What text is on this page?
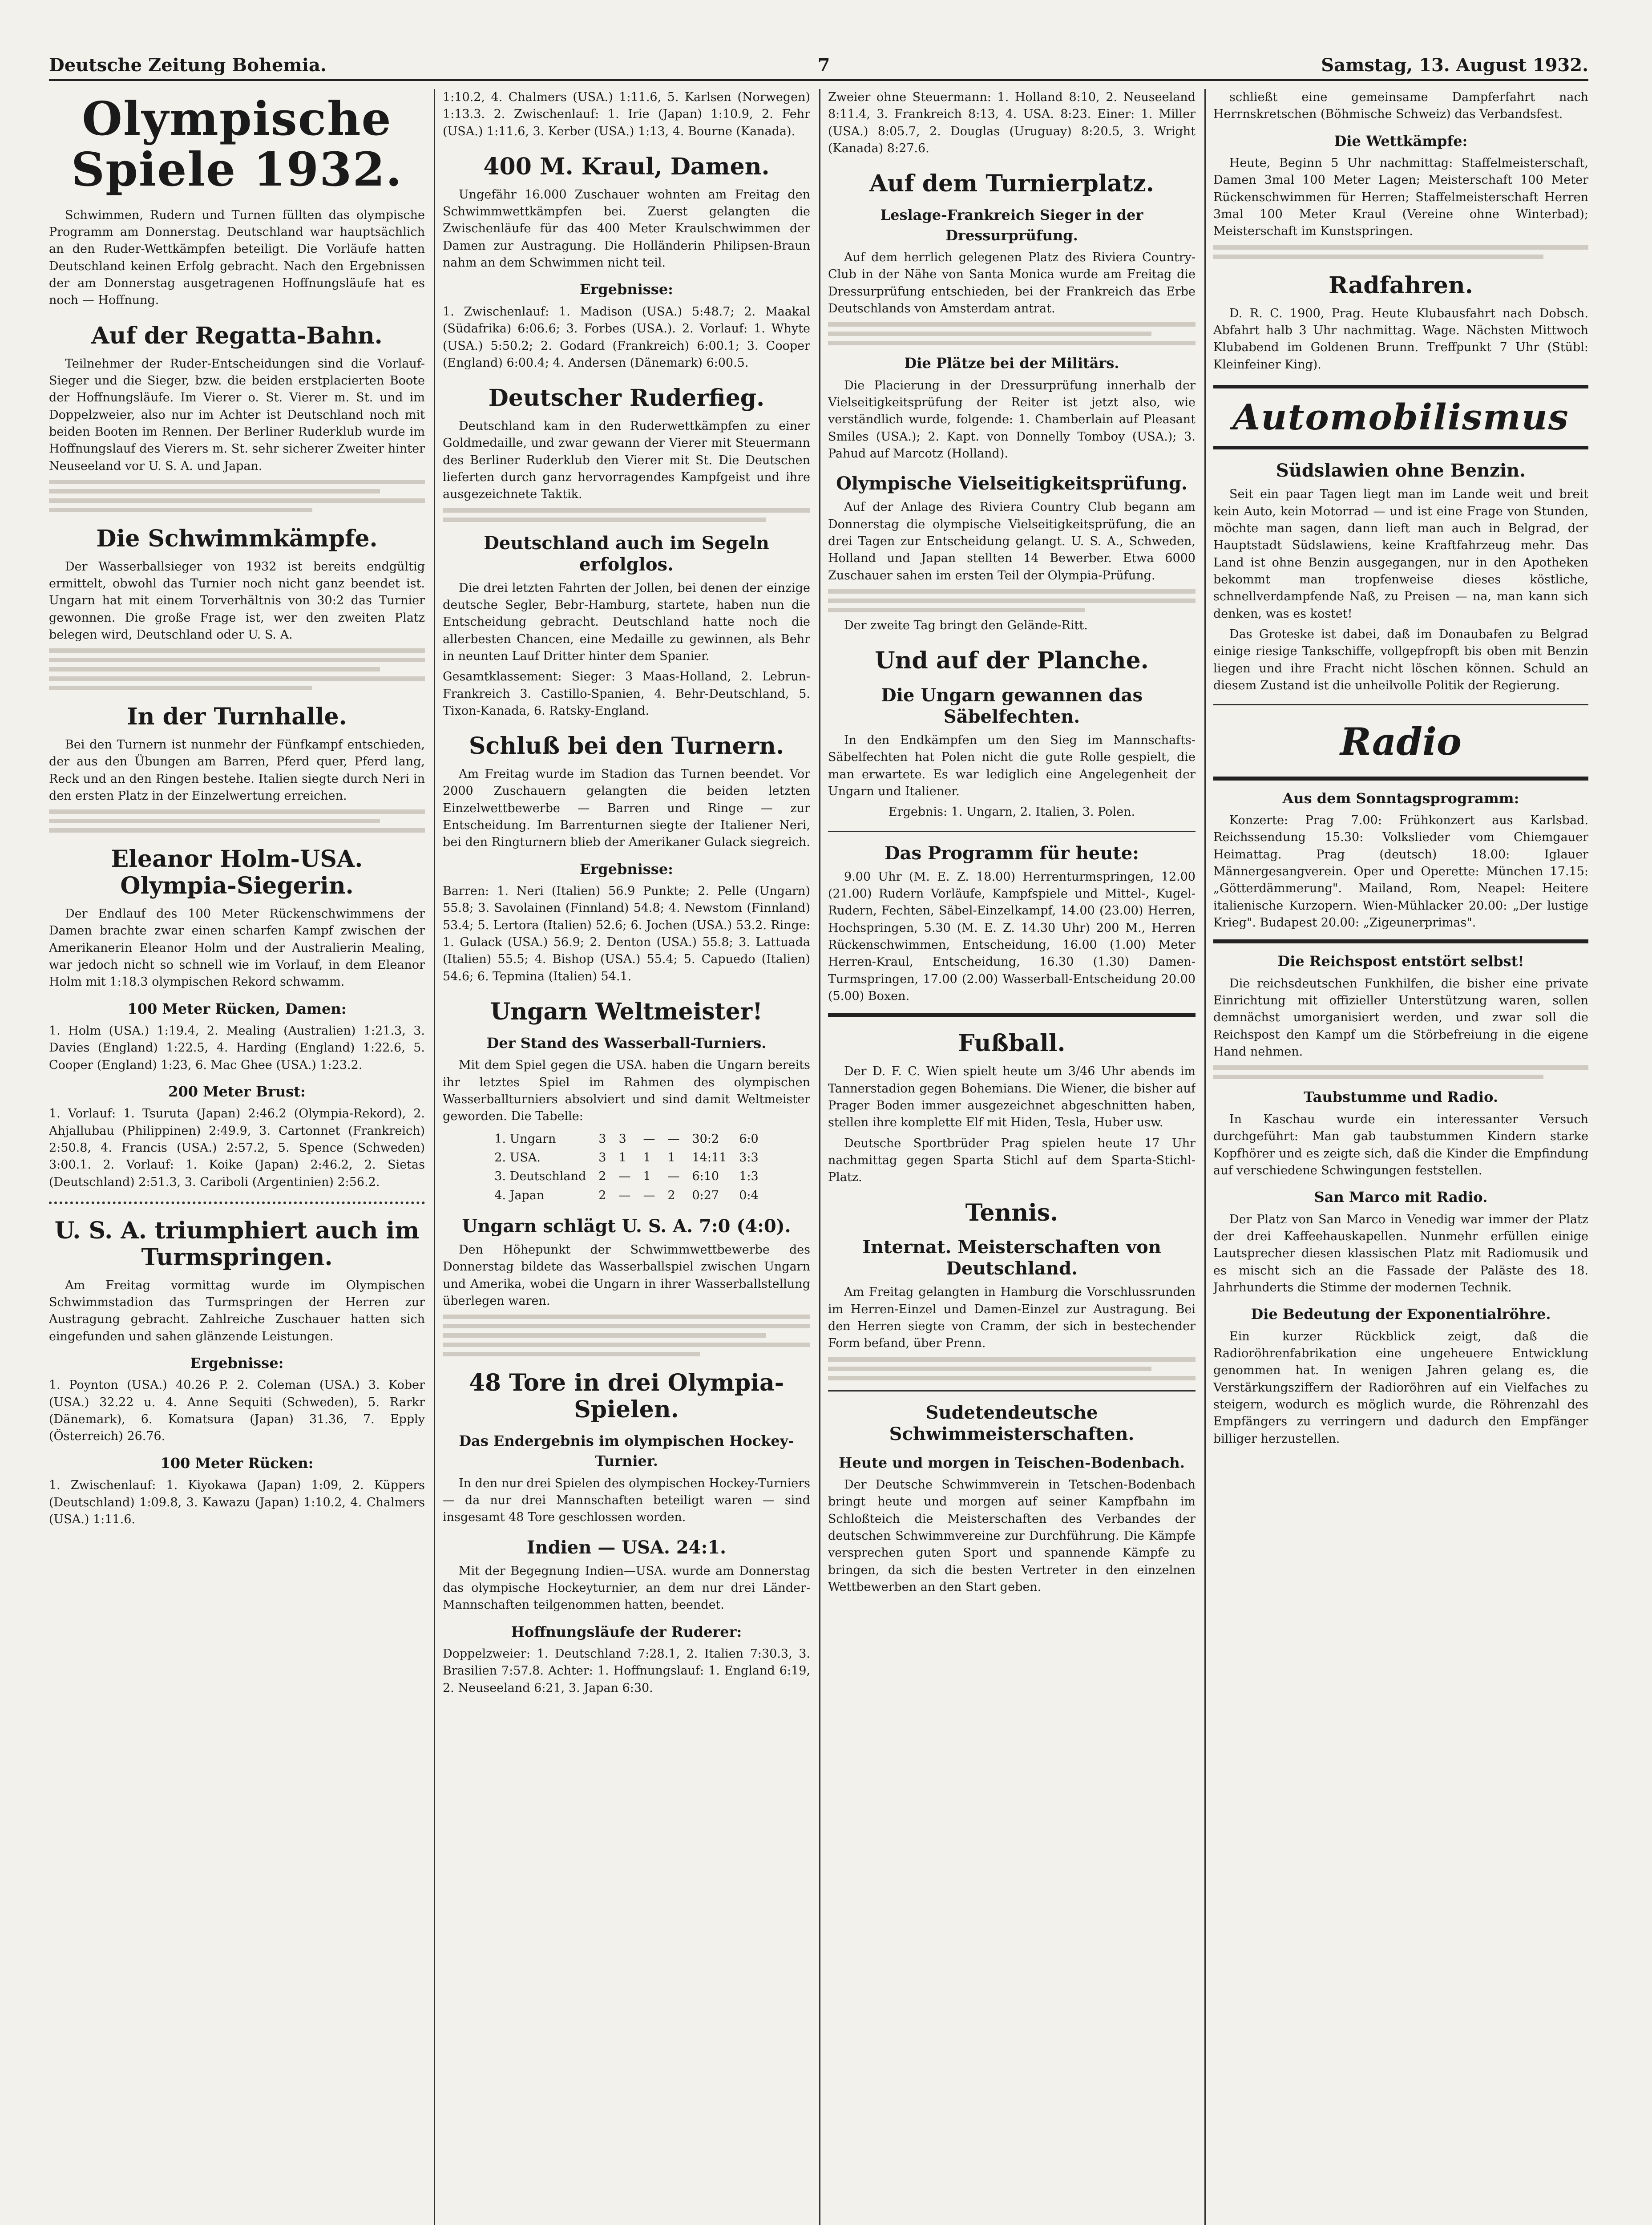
Deutsche Zeitung Bohemia.	7	Samstag, 13. August 1932.
Olympische Spiele 1932.

Schwimmen, Rudern und Turnen füllten das olympische Programm am Donnerstag. Deutschland war hauptsächlich an den Ruder-Wettkämpfen beteiligt. Die Vorläufe hatten Deutschland keinen Erfolg gebracht. Nach den Ergebnissen der am Donnerstag ausgetragenen Hoffnungsläufe hat es noch — Hoffnung.

Auf der Regatta-Bahn.

Teilnehmer der Ruder-Entscheidungen sind die Vorlauf-Sieger und die Sieger, bzw. die beiden erstplacierten Boote der Hoffnungsläufe. Im Vierer o. St. Vierer m. St. und im Doppelzweier, also nur im Achter ist Deutschland noch mit beiden Booten im Rennen. Der Berliner Ruderklub wurde im Hoffnungslauf des Vierers m. St. sehr sicherer Zweiter hinter Neuseeland vor U. S. A. und Japan.

Die Schwimmkämpfe.

Der Wasserballsieger von 1932 ist bereits endgültig ermittelt, obwohl das Turnier noch nicht ganz beendet ist. Ungarn hat mit einem Torverhältnis von 30:2 das Turnier gewonnen. Die große Frage ist, wer den zweiten Platz belegen wird, Deutschland oder U. S. A.

In der Turnhalle.

Bei den Turnern ist nunmehr der Fünfkampf entschieden, der aus den Übungen am Barren, Pferd quer, Pferd lang, Reck und an den Ringen bestehe. Italien siegte durch Neri in den ersten Platz in der Einzelwertung erreichen.

Eleanor Holm-USA. Olympia-Siegerin.

Der Endlauf des 100 Meter Rückenschwimmens der Damen brachte zwar einen scharfen Kampf zwischen der Amerikanerin Eleanor Holm und der Australierin Mealing, war jedoch nicht so schnell wie im Vorlauf, in dem Eleanor Holm mit 1:18.3 olympischen Rekord schwamm.

100 Meter Rücken, Damen:

1. Holm (USA.) 1:19.4, 2. Mealing (Australien) 1:21.3, 3. Davies (England) 1:22.5, 4. Harding (England) 1:22.6, 5. Cooper (England) 1:23, 6. Mac Ghee (USA.) 1:23.2.

200 Meter Brust:

1. Vorlauf: 1. Tsuruta (Japan) 2:46.2 (Olympia-Rekord), 2. Ahjallubau (Philippinen) 2:49.9, 3. Cartonnet (Frankreich) 2:50.8, 4. Francis (USA.) 2:57.2, 5. Spence (Schweden) 3:00.1. 2. Vorlauf: 1. Koike (Japan) 2:46.2, 2. Sietas (Deutschland) 2:51.3, 3. Cariboli (Argentinien) 2:56.2.

U. S. A. triumphiert auch im Turmspringen.

Am Freitag vormittag wurde im Olympischen Schwimmstadion das Turmspringen der Herren zur Austragung gebracht. Zahlreiche Zuschauer hatten sich eingefunden und sahen glänzende Leistungen.

Ergebnisse:

1. Poynton (USA.) 40.26 P. 2. Coleman (USA.) 3. Kober (USA.) 32.22 u. 4. Anne Sequiti (Schweden), 5. Rarkr (Dänemark), 6. Komatsura (Japan) 31.36, 7. Epply (Österreich) 26.76.

100 Meter Rücken:

1. Zwischenlauf: 1. Kiyokawa (Japan) 1:09, 2. Küppers (Deutschland) 1:09.8, 3. Kawazu (Japan) 1:10.2, 4. Chalmers (USA.) 1:11.6.

1:10.2, 4. Chalmers (USA.) 1:11.6, 5. Karlsen (Norwegen) 1:13.3. 2. Zwischenlauf: 1. Irie (Japan) 1:10.9, 2. Fehr (USA.) 1:11.6, 3. Kerber (USA.) 1:13, 4. Bourne (Kanada).

400 M. Kraul, Damen.

Ungefähr 16.000 Zuschauer wohnten am Freitag den Schwimmwettkämpfen bei. Zuerst gelangten die Zwischenläufe für das 400 Meter Kraulschwimmen der Damen zur Austragung. Die Holländerin Philipsen-Braun nahm an dem Schwimmen nicht teil.

Ergebnisse:

1. Zwischenlauf: 1. Madison (USA.) 5:48.7; 2. Maakal (Südafrika) 6:06.6; 3. Forbes (USA.). 2. Vorlauf: 1. Whyte (USA.) 5:50.2; 2. Godard (Frankreich) 6:00.1; 3. Cooper (England) 6:00.4; 4. Andersen (Dänemark) 6:00.5.

Deutscher Ruderfieg.

Deutschland kam in den Ruderwettkämpfen zu einer Goldmedaille, und zwar gewann der Vierer mit Steuermann des Berliner Ruderklub den Vierer mit St. Die Deutschen lieferten durch ganz hervorragendes Kampfgeist und ihre ausgezeichnete Taktik.

Deutschland auch im Segeln erfolglos.

Die drei letzten Fahrten der Jollen, bei denen der einzige deutsche Segler, Bebr-Hamburg, startete, haben nun die Entscheidung gebracht. Deutschland hatte noch die allerbesten Chancen, eine Medaille zu gewinnen, als Behr in neunten Lauf Dritter hinter dem Spanier.

Gesamtklassement: Sieger: 3 Maas-Holland, 2. Lebrun-Frankreich 3. Castillo-Spanien, 4. Behr-Deutschland, 5. Tixon-Kanada, 6. Ratsky-England.

Schluß bei den Turnern.

Am Freitag wurde im Stadion das Turnen beendet. Vor 2000 Zuschauern gelangten die beiden letzten Einzelwettbewerbe — Barren und Ringe — zur Entscheidung. Im Barrenturnen siegte der Italiener Neri, bei den Ringturnern blieb der Amerikaner Gulack siegreich.

Ergebnisse:

Barren: 1. Neri (Italien) 56.9 Punkte; 2. Pelle (Ungarn) 55.8; 3. Savolainen (Finnland) 54.8; 4. Newstom (Finnland) 53.4; 5. Lertora (Italien) 52.6; 6. Jochen (USA.) 53.2. Ringe: 1. Gulack (USA.) 56.9; 2. Denton (USA.) 55.8; 3. Lattuada (Italien) 55.5; 4. Bishop (USA.) 55.4; 5. Capuedo (Italien) 54.6; 6. Tepmina (Italien) 54.1.

Ungarn Weltmeister!
Der Stand des Wasserball-Turniers.

Mit dem Spiel gegen die USA. haben die Ungarn bereits ihr letztes Spiel im Rahmen des olympischen Wasserballturniers absolviert und sind damit Weltmeister geworden. Die Tabelle:

1. Ungarn	3	3	—	—	30:2	6:0
2. USA.	3	1	1	1	14:11	3:3
3. Deutschland	2	—	1	—	6:10	1:3
4. Japan	2	—	—	2	0:27	0:4
Ungarn schlägt U. S. A. 7:0 (4:0).

Den Höhepunkt der Schwimmwettbewerbe des Donnerstag bildete das Wasserballspiel zwischen Ungarn und Amerika, wobei die Ungarn in ihrer Wasserballstellung überlegen waren.

48 Tore in drei Olympia-Spielen.
Das Endergebnis im olympischen Hockey-Turnier.

In den nur drei Spielen des olympischen Hockey-Turniers — da nur drei Mannschaften beteiligt waren — sind insgesamt 48 Tore geschlossen worden.

Indien — USA. 24:1.

Mit der Begegnung Indien—USA. wurde am Donnerstag das olympische Hockeyturnier, an dem nur drei Länder-Mannschaften teilgenommen hatten, beendet.

Hoffnungsläufe der Ruderer:

Doppelzweier: 1. Deutschland 7:28.1, 2. Italien 7:30.3, 3. Brasilien 7:57.8. Achter: 1. Hoffnungslauf: 1. England 6:19, 2. Neuseeland 6:21, 3. Japan 6:30.

Zweier ohne Steuermann: 1. Holland 8:10, 2. Neuseeland 8:11.4, 3. Frankreich 8:13, 4. USA. 8:23. Einer: 1. Miller (USA.) 8:05.7, 2. Douglas (Uruguay) 8:20.5, 3. Wright (Kanada) 8:27.6.

Auf dem Turnierplatz.
Leslage-Frankreich Sieger in der Dressurprüfung.

Auf dem herrlich gelegenen Platz des Riviera Country-Club in der Nähe von Santa Monica wurde am Freitag die Dressurprüfung entschieden, bei der Frankreich das Erbe Deutschlands von Amsterdam antrat.

Die Plätze bei der Militärs.

Die Placierung in der Dressurprüfung innerhalb der Vielseitigkeitsprüfung der Reiter ist jetzt also, wie verständlich wurde, folgende: 1. Chamberlain auf Pleasant Smiles (USA.); 2. Kapt. von Donnelly Tomboy (USA.); 3. Pahud auf Marcotz (Holland).

Olympische Vielseitigkeitsprüfung.

Auf der Anlage des Riviera Country Club begann am Donnerstag die olympische Vielseitigkeitsprüfung, die an drei Tagen zur Entscheidung gelangt. U. S. A., Schweden, Holland und Japan stellten 14 Bewerber. Etwa 6000 Zuschauer sahen im ersten Teil der Olympia-Prüfung.

Der zweite Tag bringt den Gelände-Ritt.

Und auf der Planche.
Die Ungarn gewannen das Säbelfechten.

In den Endkämpfen um den Sieg im Mannschafts-Säbelfechten hat Polen nicht die gute Rolle gespielt, die man erwartete. Es war lediglich eine Angelegenheit der Ungarn und Italiener.

Ergebnis: 1. Ungarn, 2. Italien, 3. Polen.

Das Programm für heute:

9.00 Uhr (M. E. Z. 18.00) Herrenturmspringen, 12.00 (21.00) Rudern Vorläufe, Kampfspiele und Mittel-, Kugel-Rudern, Fechten, Säbel-Einzelkampf, 14.00 (23.00) Herren, Hochspringen, 5.30 (M. E. Z. 14.30 Uhr) 200 M., Herren Rückenschwimmen, Entscheidung, 16.00 (1.00) Meter Herren-Kraul, Entscheidung, 16.30 (1.30) Damen-Turmspringen, 17.00 (2.00) Wasserball-Entscheidung 20.00 (5.00) Boxen.

Fußball.

Der D. F. C. Wien spielt heute um 3/46 Uhr abends im Tannerstadion gegen Bohemians. Die Wiener, die bisher auf Prager Boden immer ausgezeichnet abgeschnitten haben, stellen ihre komplette Elf mit Hiden, Tesla, Huber usw.

Deutsche Sportbrüder Prag spielen heute 17 Uhr nachmittag gegen Sparta Stichl auf dem Sparta-Stichl-Platz.

Tennis.
Internat. Meisterschaften von Deutschland.

Am Freitag gelangten in Hamburg die Vorschlussrunden im Herren-Einzel und Damen-Einzel zur Austragung. Bei den Herren siegte von Cramm, der sich in bestechender Form befand, über Prenn.

Sudetendeutsche Schwimmeisterschaften.
Heute und morgen in Teischen-Bodenbach.

Der Deutsche Schwimmverein in Tetschen-Bodenbach bringt heute und morgen auf seiner Kampfbahn im Schloßteich die Meisterschaften des Verbandes der deutschen Schwimmvereine zur Durchführung. Die Kämpfe versprechen guten Sport und spannende Kämpfe zu bringen, da sich die besten Vertreter in den einzelnen Wettbewerben an den Start geben.

schließt eine gemeinsame Dampferfahrt nach Herrnskretschen (Böhmische Schweiz) das Verbandsfest.

Die Wettkämpfe:

Heute, Beginn 5 Uhr nachmittag: Staffelmeisterschaft, Damen 3mal 100 Meter Lagen; Meisterschaft 100 Meter Rückenschwimmen für Herren; Staffelmeisterschaft Herren 3mal 100 Meter Kraul (Vereine ohne Winterbad); Meisterschaft im Kunstspringen.

Radfahren.

D. R. C. 1900, Prag. Heute Klubausfahrt nach Dobsch. Abfahrt halb 3 Uhr nachmittag. Wage. Nächsten Mittwoch Klubabend im Goldenen Brunn. Treffpunkt 7 Uhr (Stübl: Kleinfeiner King).

Automobilismus
Südslawien ohne Benzin.

Seit ein paar Tagen liegt man im Lande weit und breit kein Auto, kein Motorrad — und ist eine Frage von Stunden, möchte man sagen, dann lieft man auch in Belgrad, der Hauptstadt Südslawiens, keine Kraftfahrzeug mehr. Das Land ist ohne Benzin ausgegangen, nur in den Apotheken bekommt man tropfenweise dieses köstliche, schnellverdampfende Naß, zu Preisen — na, man kann sich denken, was es kostet!

Das Groteske ist dabei, daß im Donaubafen zu Belgrad einige riesige Tankschiffe, vollgepfropft bis oben mit Benzin liegen und ihre Fracht nicht löschen können. Schuld an diesem Zustand ist die unheilvolle Politik der Regierung.

Radio
Aus dem Sonntagsprogramm:

Konzerte: Prag 7.00: Frühkonzert aus Karlsbad. Reichssendung 15.30: Volkslieder vom Chiemgauer Heimattag. Prag (deutsch) 18.00: Iglauer Männergesangverein. Oper und Operette: München 17.15: „Götterdämmerung". Mailand, Rom, Neapel: Heitere italienische Kurzopern. Wien-Mühlacker 20.00: „Der lustige Krieg". Budapest 20.00: „Zigeunerprimas".

Die Reichspost entstört selbst!

Die reichsdeutschen Funkhilfen, die bisher eine private Einrichtung mit offizieller Unterstützung waren, sollen demnächst umorganisiert werden, und zwar soll die Reichspost den Kampf um die Störbefreiung in die eigene Hand nehmen.

Taubstumme und Radio.

In Kaschau wurde ein interessanter Versuch durchgeführt: Man gab taubstummen Kindern starke Kopfhörer und es zeigte sich, daß die Kinder die Empfindung auf verschiedene Schwingungen feststellen.

San Marco mit Radio.

Der Platz von San Marco in Venedig war immer der Platz der drei Kaffeehauskapellen. Nunmehr erfüllen einige Lautsprecher diesen klassischen Platz mit Radiomusik und es mischt sich an die Fassade der Paläste des 18. Jahrhunderts die Stimme der modernen Technik.

Die Bedeutung der Exponentialröhre.

Ein kurzer Rückblick zeigt, daß die Radioröhrenfabrikation eine ungeheuere Entwicklung genommen hat. In wenigen Jahren gelang es, die Verstärkungsziffern der Radioröhren auf ein Vielfaches zu steigern, wodurch es möglich wurde, die Röhrenzahl des Empfängers zu verringern und dadurch den Empfänger billiger herzustellen.
